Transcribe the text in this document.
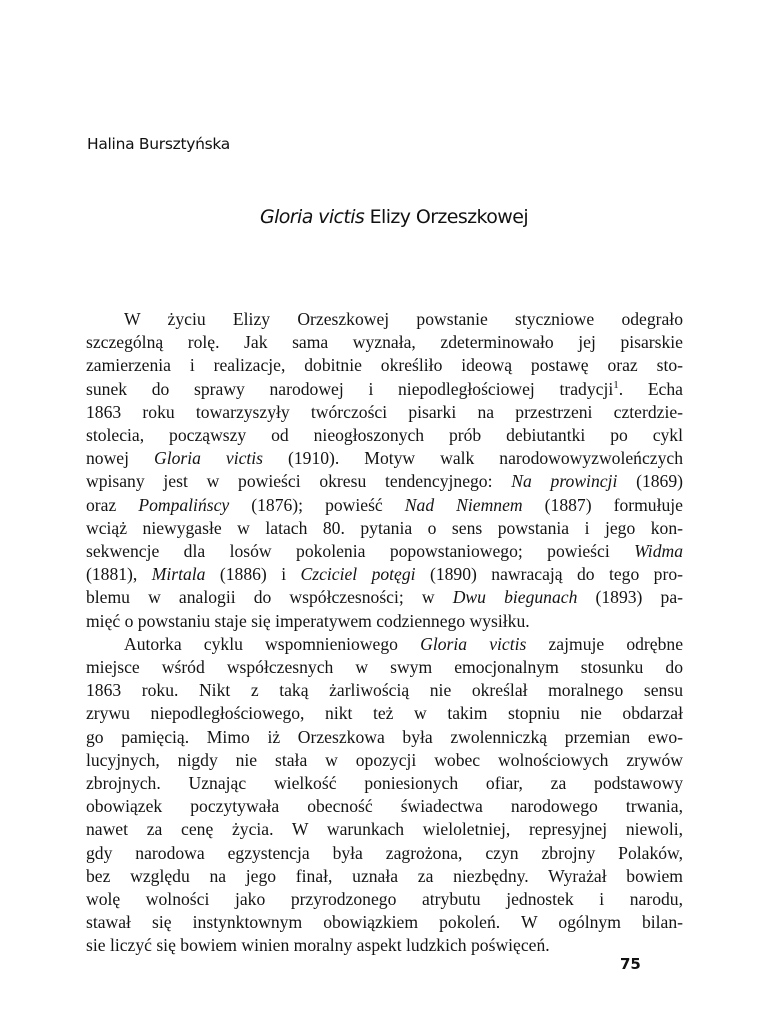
Halina Bursztyńska
Gloria victis Elizy Orzeszkowej
W życiu Elizy Orzeszkowej powstanie styczniowe odegrało
szczególną rolę. Jak sama wyznała, zdeterminowało jej pisarskie
zamierzenia i realizacje, dobitnie określiło ideową postawę oraz sto-
sunek do sprawy narodowej i niepodległościowej tradycji$^1$. Echa
1863 roku towarzyszyły twórczości pisarki na przestrzeni czterdzie-
stolecia, począwszy od nieogłoszonych prób debiutantki po cykl
nowej Gloria victis (1910). Motyw walk narodowowyzwoleńczych
wpisany jest w powieści okresu tendencyjnego: Na prowincji (1869)
oraz Pompalińscy (1876); powieść Nad Niemnem (1887) formułuje
wciąż niewygasłe w latach 80. pytania o sens powstania i jego kon-
sekwencje dla losów pokolenia popowstaniowego; powieści Widma
(1881), Mirtala (1886) i Czciciel potęgi (1890) nawracają do tego pro-
blemu w analogii do współczesności; w Dwu biegunach (1893) pa-
mięć o powstaniu staje się imperatywem codziennego wysiłku.
Autorka cyklu wspomnieniowego Gloria victis zajmuje odrębne
miejsce wśród współczesnych w swym emocjonalnym stosunku do
1863 roku. Nikt z taką żarliwością nie określał moralnego sensu
zrywu niepodległościowego, nikt też w takim stopniu nie obdarzał
go pamięcią. Mimo iż Orzeszkowa była zwolenniczką przemian ewo-
lucyjnych, nigdy nie stała w opozycji wobec wolnościowych zrywów
zbrojnych. Uznając wielkość poniesionych ofiar, za podstawowy
obowiązek poczytywała obecność świadectwa narodowego trwania,
nawet za cenę życia. W warunkach wieloletniej, represyjnej niewoli,
gdy narodowa egzystencja była zagrożona, czyn zbrojny Polaków,
bez względu na jego finał, uznała za niezbędny. Wyrażał bowiem
wolę wolności jako przyrodzonego atrybutu jednostek i narodu,
stawał się instynktownym obowiązkiem pokoleń. W ogólnym bilan-
sie liczyć się bowiem winien moralny aspekt ludzkich poświęceń.
75
